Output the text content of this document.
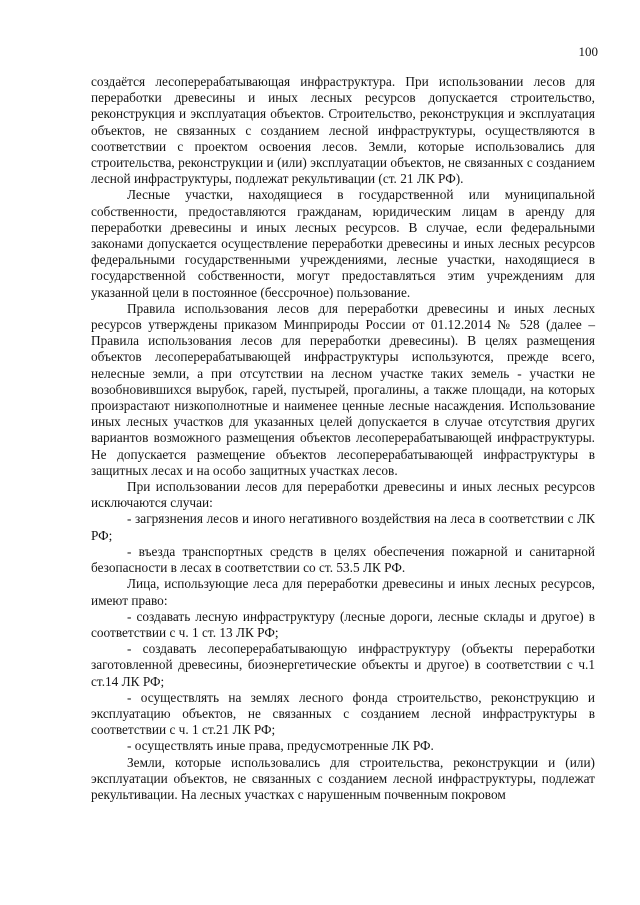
100

создаётся лесоперерабатывающая инфраструктура. При использовании лесов для переработки древесины и иных лесных ресурсов допускается строительство, реконструкция и эксплуатация объектов. Строительство, реконструкция и эксплуатация объектов, не связанных с созданием лесной инфраструктуры, осуществляются в соответствии с проектом освоения лесов. Земли, которые использовались для строительства, реконструкции и (или) эксплуатации объектов, не связанных с созданием лесной инфраструктуры, подлежат рекультивации (ст. 21 ЛК РФ).

Лесные участки, находящиеся в государственной или муниципальной собственности, предоставляются гражданам, юридическим лицам в аренду для переработки древесины и иных лесных ресурсов. В случае, если федеральными законами допускается осуществление переработки древесины и иных лесных ресурсов федеральными государственными учреждениями, лесные участки, находящиеся в государственной собственности, могут предоставляться этим учреждениям для указанной цели в постоянное (бессрочное) пользование.

Правила использования лесов для переработки древесины и иных лесных ресурсов утверждены приказом Минприроды России от 01.12.2014 № 528 (далее – Правила использования лесов для переработки древесины). В целях размещения объектов лесоперерабатывающей инфраструктуры используются, прежде всего, нелесные земли, а при отсутствии на лесном участке таких земель - участки не возобновившихся вырубок, гарей, пустырей, прогалины, а также площади, на которых произрастают низкополнотные и наименее ценные лесные насаждения. Использование иных лесных участков для указанных целей допускается в случае отсутствия других вариантов возможного размещения объектов лесоперерабатывающей инфраструктуры. Не допускается размещение объектов лесоперерабатывающей инфраструктуры в защитных лесах и на особо защитных участках лесов.

При использовании лесов для переработки древесины и иных лесных ресурсов исключаются случаи:

- загрязнения лесов и иного негативного воздействия на леса в соответствии с ЛК РФ;

- въезда транспортных средств в целях обеспечения пожарной и санитарной безопасности в лесах в соответствии со ст. 53.5 ЛК РФ.

Лица, использующие леса для переработки древесины и иных лесных ресурсов, имеют право:

- создавать лесную инфраструктуру (лесные дороги, лесные склады и другое) в соответствии с ч. 1 ст. 13 ЛК РФ;

- создавать лесоперерабатывающую инфраструктуру (объекты переработки заготовленной древесины, биоэнергетические объекты и другое) в соответствии с ч.1 ст.14 ЛК РФ;

- осуществлять на землях лесного фонда строительство, реконструкцию и эксплуатацию объектов, не связанных с созданием лесной инфраструктуры в соответствии с ч. 1 ст.21 ЛК РФ;

- осуществлять иные права, предусмотренные ЛК РФ.

Земли, которые использовались для строительства, реконструкции и (или) эксплуатации объектов, не связанных с созданием лесной инфраструктуры, подлежат рекультивации. На лесных участках с нарушенным почвенным покровом
